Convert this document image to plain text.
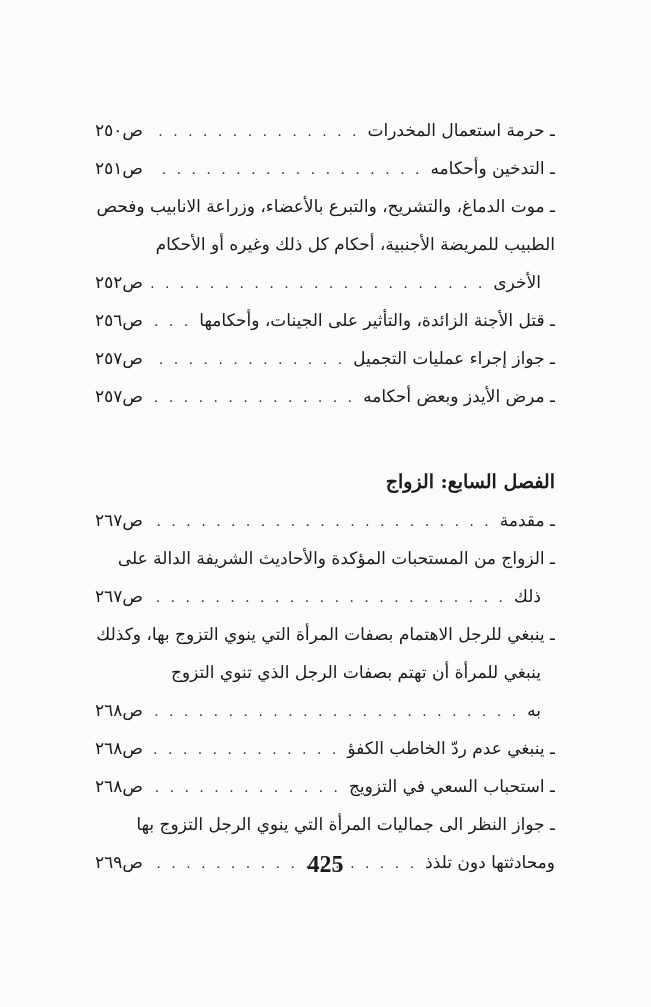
ـ حرمة استعمال المخدرات
. . .
ص٢٥٠
ـ التدخين وأحكامه
. . .
ص٢٥١
ـ موت الدماغ، والتشريح، والتبرع بالأعضاء، وزراعة الانابيب وفحص
الطبيب للمريضة الأجنبية، أحكام كل ذلك وغيره أو الأحكام
الأخرى
. . .
ص٢٥٢
ـ قتل الأجنة الزائدة، والتأثير على الجينات، وأحكامها
. . .
ص٢٥٦
ـ جواز إجراء عمليات التجميل
. . .
ص٢٥٧
ـ مرض الأيدز وبعض أحكامه
. . .
ص٢٥٧
الفصل السابع: الزواج
ـ مقدمة
. . .
ص٢٦٧
ـ الزواج من المستحبات المؤكدة والأحاديث الشريفة الدالة على
ذلك
. . .
ص٢٦٧
ـ ينبغي للرجل الاهتمام بصفات المرأة التي ينوي التزوج بها، وكذلك
ينبغي للمرأة أن تهتم بصفات الرجل الذي تنوي التزوج
به
. . .
ص٢٦٨
ـ ينبغي عدم ردّ الخاطب الكفؤ
. . .
ص٢٦٨
ـ استحباب السعي في التزويج
. . .
ص٢٦٨
ـ جواز النظر الى جماليات المرأة التي ينوي الرجل التزوج بها
ومحادثتها دون تلذذ
. . .
ص٢٦٩	425
